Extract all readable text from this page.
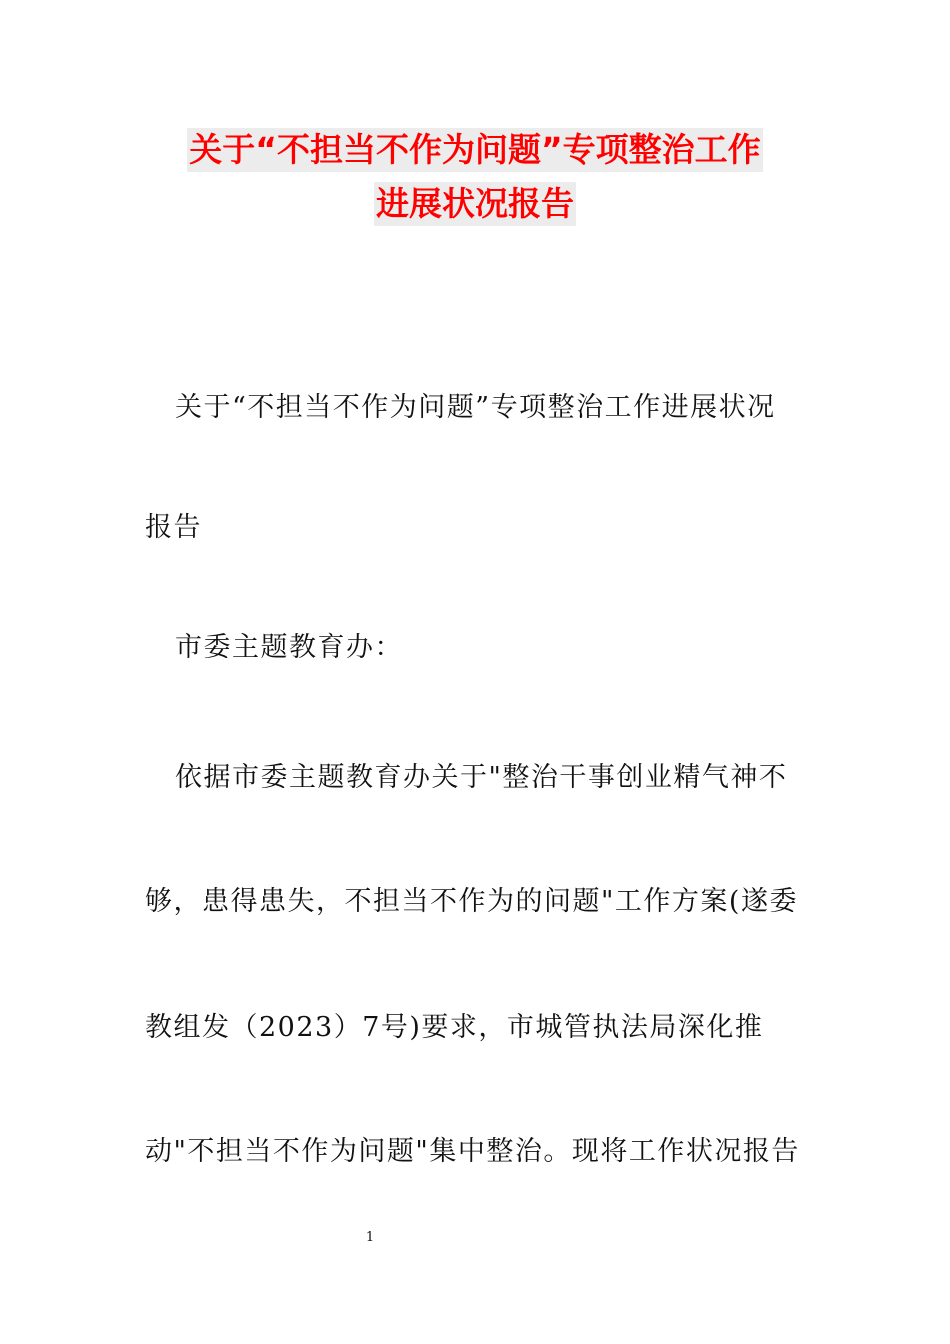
关于“不担当不作为问题”专项整治工作
进展状况报告
关于“不担当不作为问题”专项整治工作进展状况
报告
市委主题教育办：
依据市委主题教育办关于"整治干事创业精气神不
够，患得患失，不担当不作为的问题"工作方案(遂委
教组发（2023）7号)要求，市城管执法局深化推
动"不担当不作为问题"集中整治。现将工作状况报告
1
